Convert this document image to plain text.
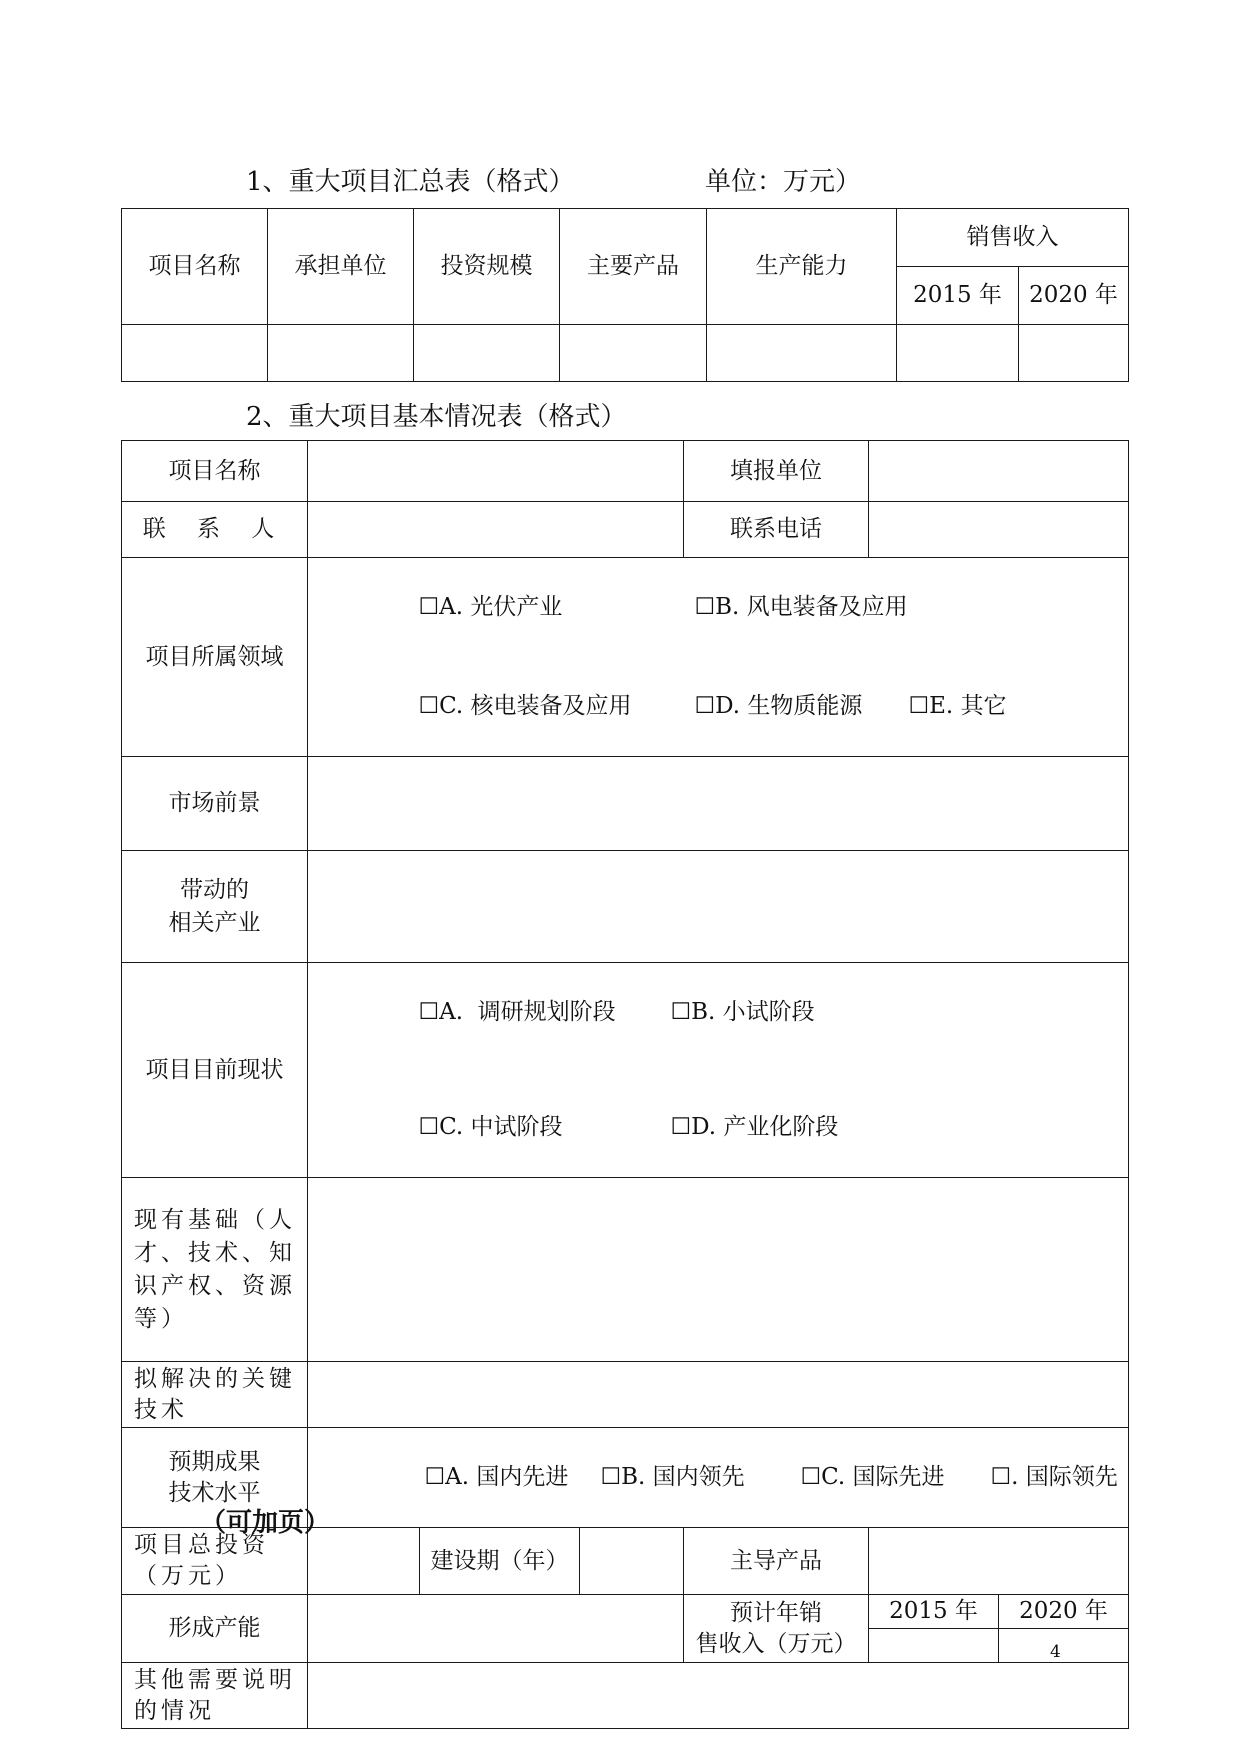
1、重大项目汇总表（格式）	单位：万元）
项目名称	承担单位	投资规模	主要产品	生产能力	销售收入	
					2015 年	2020 年

2、重大项目基本情况表（格式）
项目名称				填报单位		
联 系 人				联系电话		
项目所属领域	☐A. 光伏产业 ☐B. 风电装备及应用

☐C. 核电装备及应用 ☐D. 生物质能源 ☐E. 其它					

市场前景						

带动的
相关产业						

项目目前现状	☐A.  调研规划阶段 ☐B. 小试阶段

☐C. 中试阶段 ☐D. 产业化阶段					

现有基础（人才、技术、知识产权、资源等）						
拟解决的关键技术						

预期成果
技术水平	☐A. 国内先进 ☐B. 国内领先 ☐C. 国际先进 ☐. 国际领先					

项目总投资（万元）		建设期（年）		主导产品		
形成产能				预计年销
售收入（万元）	2015 年	2020 年

其他需要说明的情况						
（可加页）
4
